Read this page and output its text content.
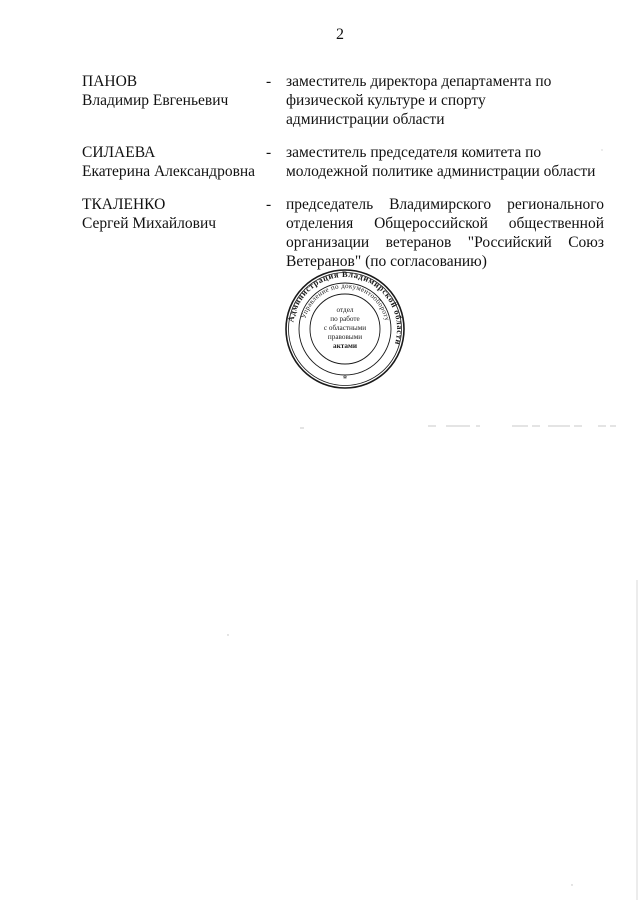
2
ПАНОВ
Владимир Евгеньевич
- заместитель директора департамента по
физической культуре и спорту
администрации области
СИЛАЕВА
Екатерина Александровна
- заместитель председателя комитета по
молодежной политике администрации области
ТКАЛЕНКО
Сергей Михайлович
- председатель Владимирского регионального
отделения Общероссийской общественной
организации ветеранов "Российский Союз
Ветеранов" (по согласованию)
Администрация Владимирской области
Управление по документообороту
отдел
по работе
с областными
правовыми
актами
*
